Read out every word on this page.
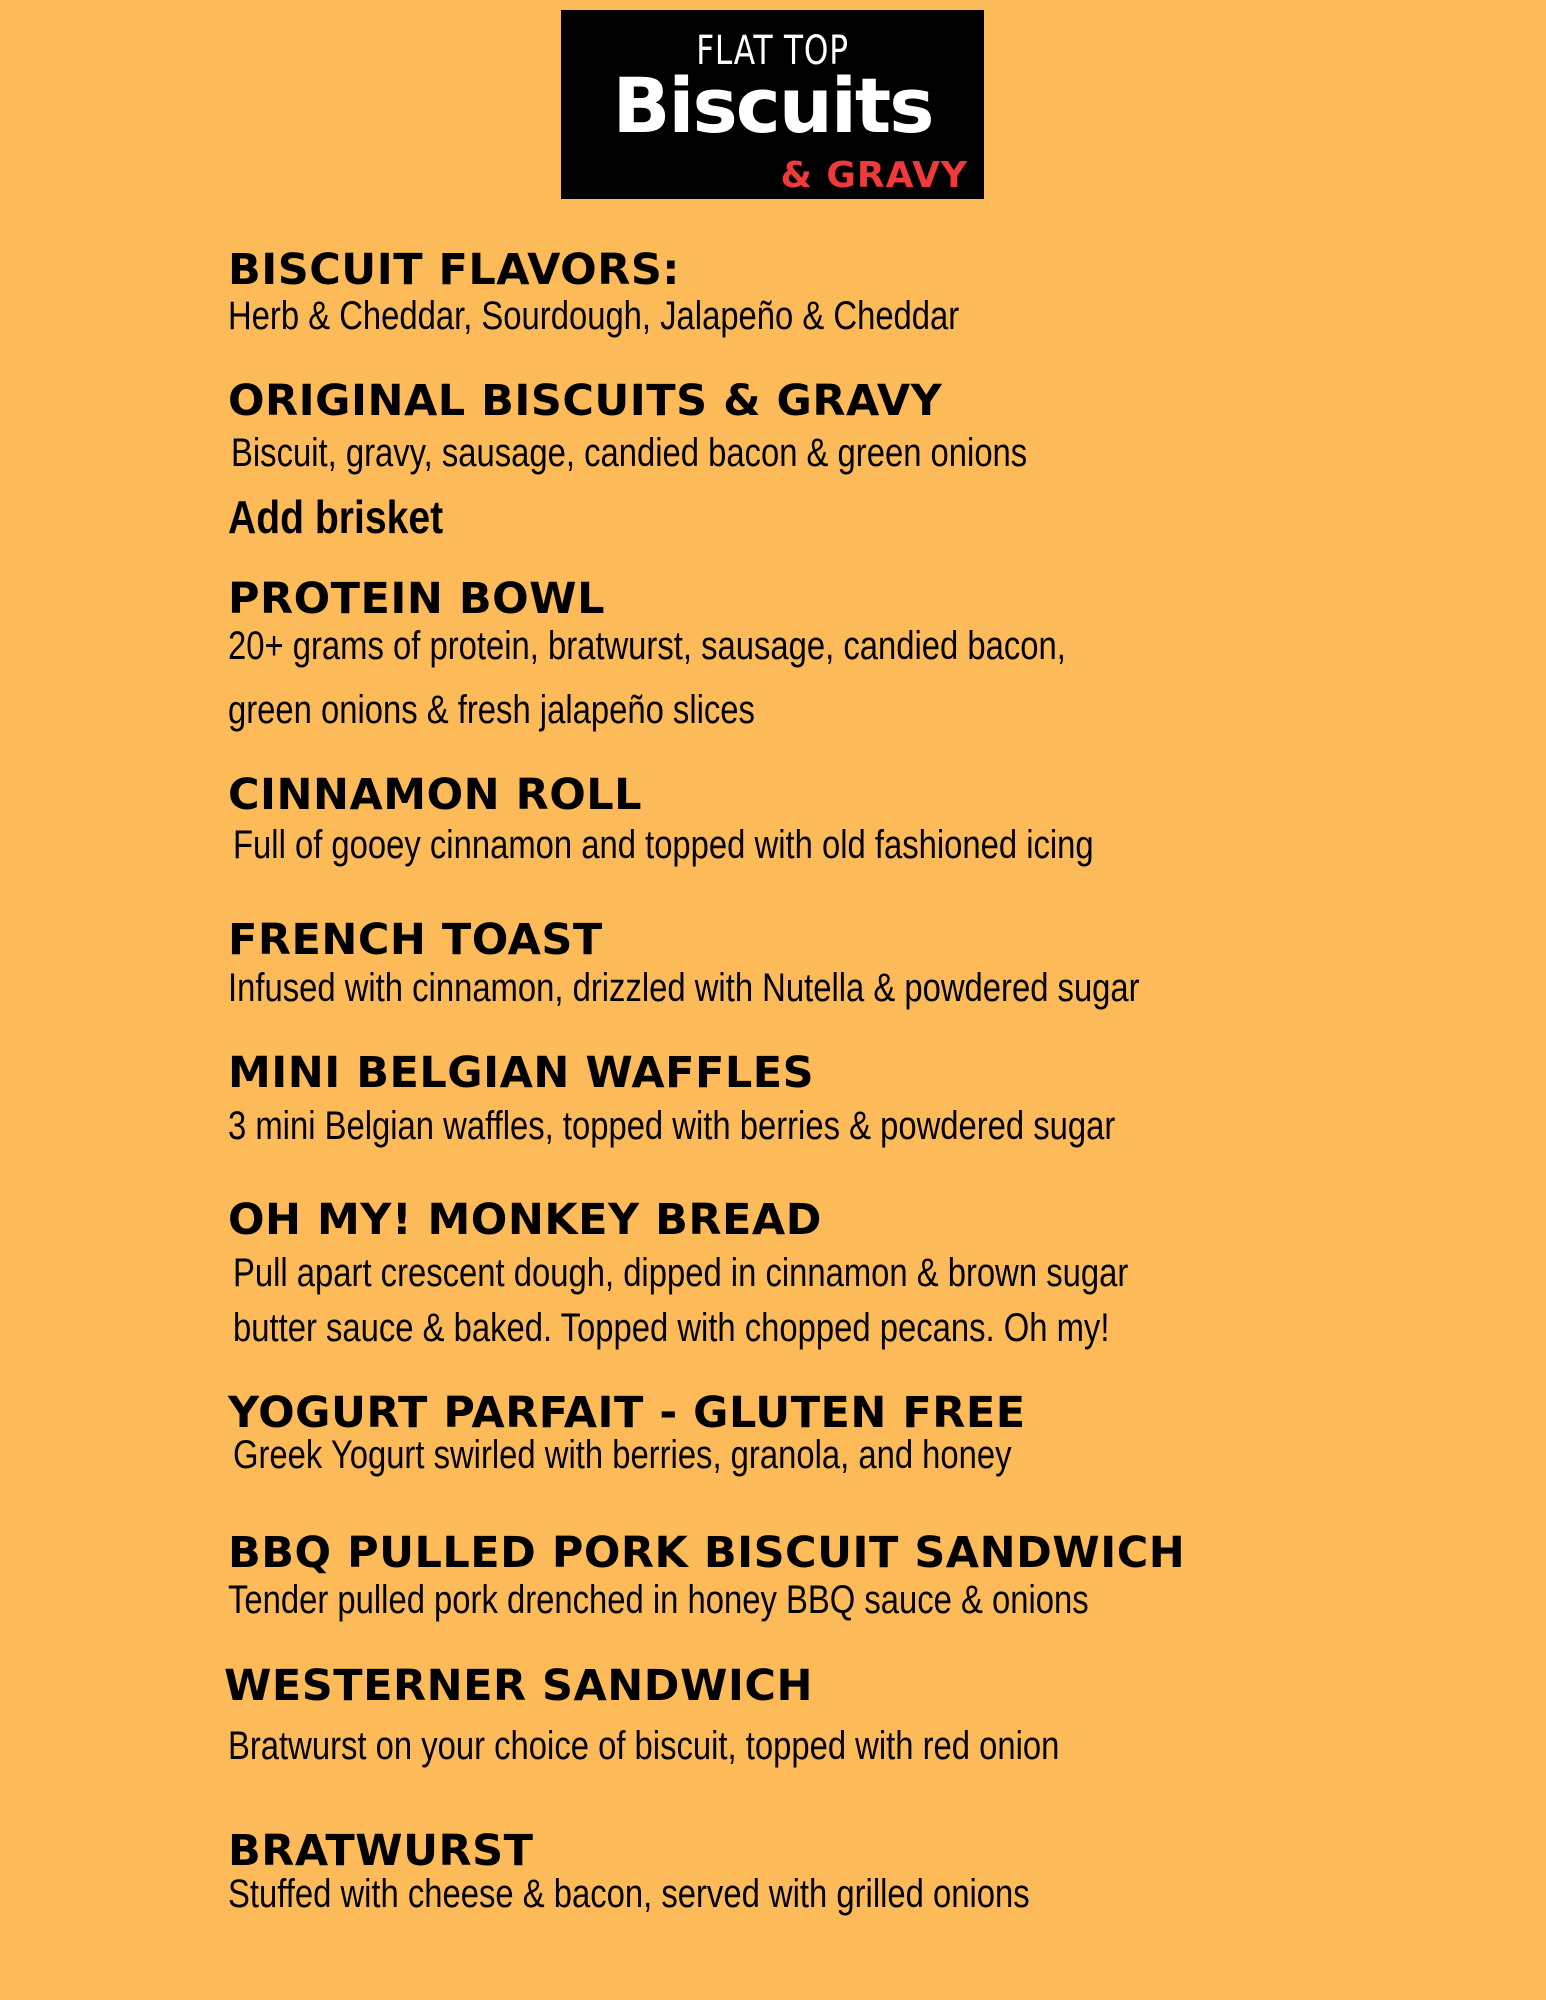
FLAT TOP
Biscuits
& GRAVY
BISCUIT FLAVORS:

Herb & Cheddar, Sourdough, Jalapeño & Cheddar

ORIGINAL BISCUITS & GRAVY

Biscuit, gravy, sausage, candied bacon & green onions

Add brisket

PROTEIN BOWL

20+ grams of protein, bratwurst, sausage, candied bacon,

green onions & fresh jalapeño slices

CINNAMON ROLL

Full of gooey cinnamon and topped with old fashioned icing

FRENCH TOAST

Infused with cinnamon, drizzled with Nutella & powdered sugar

MINI BELGIAN WAFFLES

3 mini Belgian waffles, topped with berries & powdered sugar

OH MY! MONKEY BREAD

Pull apart crescent dough, dipped in cinnamon & brown sugar

butter sauce & baked. Topped with chopped pecans. Oh my!

YOGURT PARFAIT - GLUTEN FREE

Greek Yogurt swirled with berries, granola, and honey

BBQ PULLED PORK BISCUIT SANDWICH

Tender pulled pork drenched in honey BBQ sauce & onions

WESTERNER SANDWICH

Bratwurst on your choice of biscuit, topped with red onion

BRATWURST

Stuffed with cheese & bacon, served with grilled onions
